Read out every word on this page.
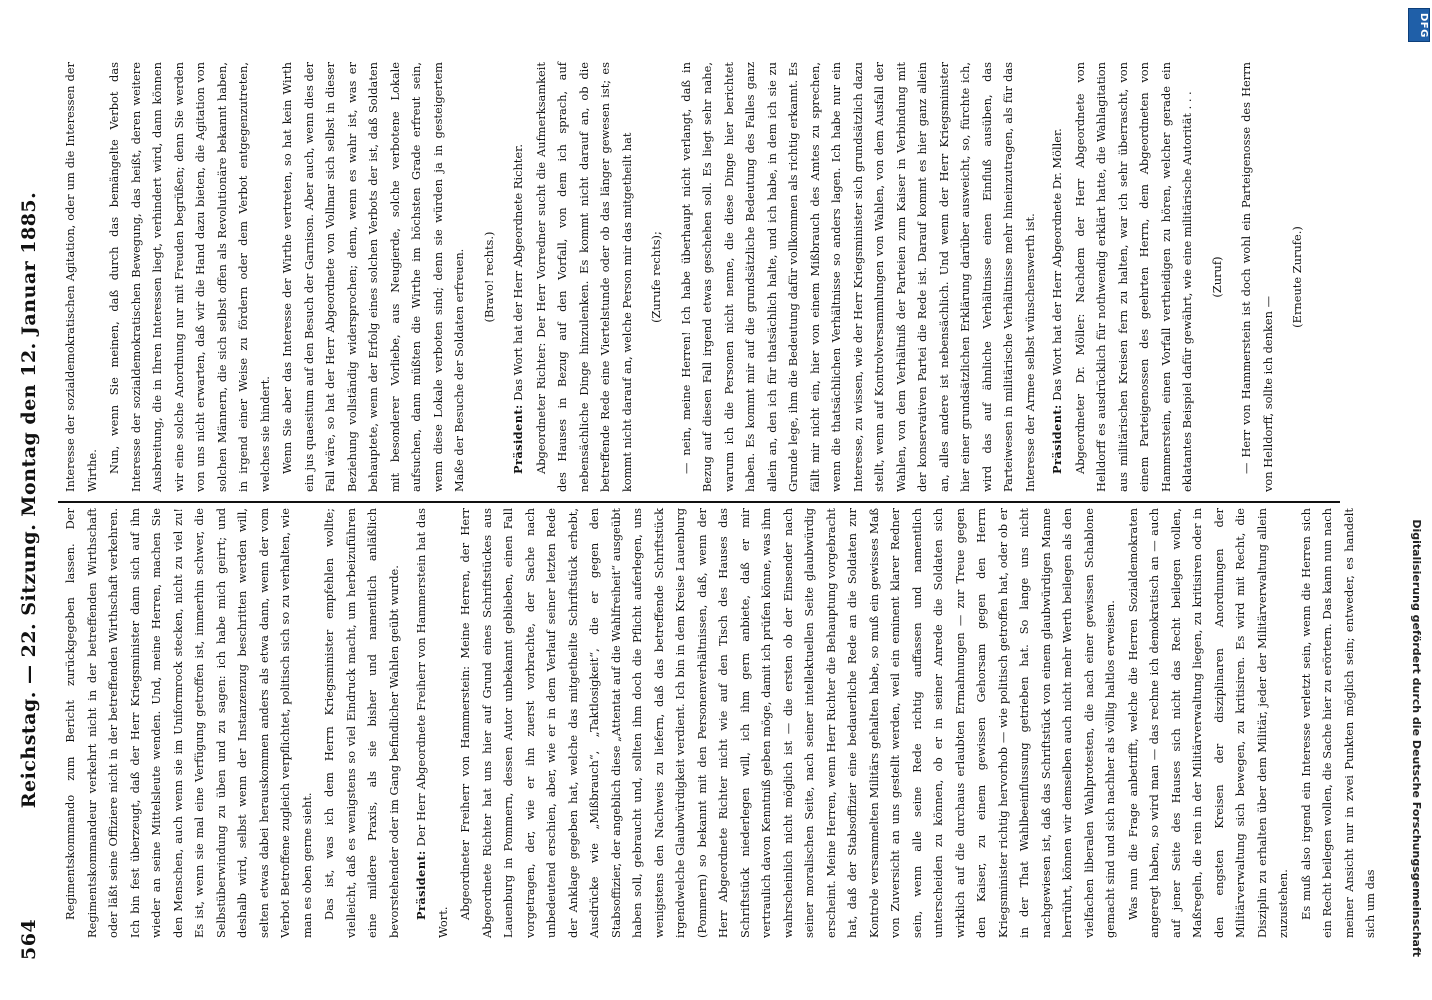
564
Reichstag. — 22. Sitzung. Montag den 12. Januar 1885. Regimentskommando zum Bericht zurückgegeben lassen. Der Regimentskommandeur verkehrt nicht in der betreffenden Wirthschaft oder läßt seine Offiziere nicht in der betreffenden Wirthschaft verkehren. Ich bin fest überzeugt, daß der Herr Kriegsminister dann sich auf ihn wieder an seine Mittelsleute wenden. Und, meine Herren, machen Sie den Menschen, auch wenn sie im Uniformrock stecken, nicht zu viel zu! Es ist, wenn sie mal eine Verfügung getroffen ist, immerhin schwer, die Selbstüberwindung zu üben und zu sagen: ich habe mich geirrt; und deshalb wird, selbst wenn der Instanzenzug beschritten werden will, selten etwas dabei herauskommen anders als etwa dann, wenn der vom Verbot Betroffene zugleich verpflichtet, politisch sich so zu verhalten, wie man es oben gerne sieht. Das ist, was ich dem Herrn Kriegsminister empfehlen wollte; vielleicht, daß es wenigstens so viel Eindruck macht, um herbeizuführen eine mildere Praxis, als sie bisher und namentlich anläßlich bevorstehender oder im Gang befindlicher Wahlen geübt wurde.	Präsident: Der Herr Abgeordnete Freiherr von Hammerstein hat das Wort.

Abgeordneter Freiherr von Hammerstein: Meine Herren, der Herr Abgeordnete Richter hat uns hier auf Grund eines Schriftstückes aus Lauenburg in Pommern, dessen Autor unbekannt geblieben, einen Fall vorgetragen, der, wie er ihn zuerst vorbrachte, der Sache nach unbedeutend erschien, aber, wie er in dem Verlauf seiner letzten Rede der Anklage gegeben hat, welche das mitgetheilte Schriftstück erhebt, Ausdrücke wie „Mißbrauch“, „Taktlosigkeit“, die er gegen den Stabsoffizier, der angeblich diese „Attentat auf die Wahlfreiheit“ ausgeübt haben soll, gebraucht und, sollten ihm doch die Pflicht auferlegen, uns wenigstens den Nachweis zu liefern, daß das betreffende Schriftstück irgendwelche Glaubwürdigkeit verdient. Ich bin in dem Kreise Lauenburg (Pommern) so bekannt mit den Personenverhältnissen, daß, wenn der Herr Abgeordnete Richter nicht wie auf den Tisch des Hauses das Schriftstück niederlegen will, ich ihm gern anbiete, daß er mir vertraulich davon Kenntniß geben möge, damit ich prüfen könne, was ihm wahrscheinlich nicht möglich ist — die ersten ob der Einsender nach seiner moralischen Seite, nach seiner intellektuellen Seite glaubwürdig erscheint. Meine Herren, wenn Herr Richter die Behauptung vorgebracht hat, daß der Stabsoffizier eine bedauerliche Rede an die Soldaten zur Kontrole versammelten Militärs gehalten habe, so muß ein gewisses Maß von Zuversicht an uns gestellt werden, weil ein eminent klarer Redner sein, wenn alle seine Rede richtig auffassen und namentlich unterscheiden zu können, ob er in seiner Anrede die Soldaten sich wirklich auf die durchaus erlaubten Ermahnungen — zur Treue gegen den Kaiser, zu einem gewissen Gehorsam gegen den Herrn Kriegsminister richtig hervorhob — wie politisch getroffen hat, oder ob er in der That Wahlbeeinflussung getrieben hat. So lange uns nicht nachgewiesen ist, daß das Schriftstück von einem glaubwürdigen Manne herrührt, können wir demselben auch nicht mehr Werth beilegen als den vielfachen liberalen Wahlprotesten, die nach einer gewissen Schablone gemacht sind und sich nachher als völlig haltlos erweisen. Was nun die Frage anbetrifft, welche die Herren Sozialdemokraten angeregt haben, so wird man — das rechne ich demokratisch an — auch auf jener Seite des Hauses sich nicht das Recht beilegen wollen, Maßregeln, die rein in der Militärverwaltung liegen, zu kritisiren oder in den engsten Kreisen der disziplinaren Anordnungen der Militärverwaltung sich bewegen, zu kritisiren. Es wird mit Recht, die Disziplin zu erhalten über dem Militär, jeder der Militärverwaltung allein zuzustehen. Es muß also irgend ein Interesse verletzt sein, wenn die Herren sich ein Recht beilegen wollen, die Sache hier zu erörtern. Das kann nun nach meiner Ansicht nur in zwei Punkten möglich sein; entweder, es handelt sich um das

Interesse der sozialdemokratischen Agitation, oder um die Interessen der Wirthe. Nun, wenn Sie meinen, daß durch das bemängelte Verbot das Interesse der sozialdemokratischen Bewegung, das heißt, deren weitere Ausbreitung, die in Ihren Interessen liegt, verhindert wird, dann können wir eine solche Anordnung nur mit Freuden begrüßen; denn Sie werden von uns nicht erwarten, daß wir die Hand dazu bieten, die Agitation von solchen Männern, die sich selbst offen als Revolutionäre bekannt haben, in irgend einer Weise zu fördern oder dem Verbot entgegenzutreten, welches sie hindert. Wenn Sie aber das Interesse der Wirthe vertreten, so hat kein Wirth ein jus quaesitum auf den Besuch der Garnison. Aber auch, wenn dies der Fall wäre, so hat der Herr Abgeordnete von Vollmar sich selbst in dieser Beziehung vollständig widersprochen; denn, wenn es wahr ist, was er behauptete, wenn der Erfolg eines solchen Verbots der ist, daß Soldaten mit besonderer Vorliebe, aus Neugierde, solche verbotene Lokale aufsuchen, dann müßten die Wirthe im höchsten Grade erfreut sein, wenn diese Lokale verboten sind; denn sie würden ja in gesteigertem Maße der Besuche der Soldaten erfreuen.	(Bravo! rechts.)

Präsident: Das Wort hat der Herr Abgeordnete Richter. Abgeordneter Richter: Der Herr Vorredner sucht die Aufmerksamkeit des Hauses in Bezug auf den Vorfall, von dem ich sprach, auf nebensächliche Dinge hinzulenken. Es kommt nicht darauf an, ob die betreffende Rede eine Viertelstunde oder ob das länger gewesen ist; es kommt nicht darauf an, welche Person mir das mitgetheilt hat	(Zurufe rechts);	— nein, meine Herren! Ich habe überhaupt nicht verlangt, daß in Bezug auf diesen Fall irgend etwas geschehen soll. Es liegt sehr nahe, warum ich die Personen nicht nenne, die diese Dinge hier berichtet haben. Es kommt mir auf die grundsätzliche Bedeutung des Falles ganz allein an, den ich für thatsächlich halte, und ich habe, in dem ich sie zu Grunde lege, ihm die Bedeutung dafür vollkommen als richtig erkannt. Es fällt mir nicht ein, hier von einem Mißbrauch des Amtes zu sprechen, wenn die thatsächlichen Verhältnisse so anders lagen. Ich habe nur ein Interesse, zu wissen, wie der Herr Kriegsminister sich grundsätzlich dazu stellt, wenn auf Kontrolversammlungen von Wahlen, von dem Ausfall der Wahlen, von dem Verhältniß der Parteien zum Kaiser in Verbindung mit der konservativen Partei die Rede ist. Darauf kommt es hier ganz allein an, alles andere ist nebensächlich. Und wenn der Herr Kriegsminister hier einer grundsätzlichen Erklärung darüber ausweicht, so, fürchte ich, wird das auf ähnliche Verhältnisse einen Einfluß ausüben, das Parteiwesen in militärische Verhältnisse mehr hineinzutragen, als für das Interesse der Armee selbst wünschenswerth ist.	Präsident: Das Wort hat der Herr Abgeordnete Dr. Möller. Abgeordneter Dr. Möller: Nachdem der Herr Abgeordnete von Helldorff es ausdrücklich für nothwendig erklärt hatte, die Wahlagitation aus militärischen Kreisen fern zu halten, war ich sehr überrascht, von einem Parteigenossen des geehrten Herrn, dem Abgeordneten von Hammerstein, einen Vorfall vertheidigen zu hören, welcher gerade ein eklatantes Beispiel dafür gewährt, wie eine militärische Autorität . . .	(Zuruf)	— Herr von Hammerstein ist doch wohl ein Parteigenosse des Herrn von Helldorff, sollte ich denken —

(Erneute Zurufe.)

DFG
Digitalisierung gefördert durch die Deutsche Forschungsgemeinschaft
